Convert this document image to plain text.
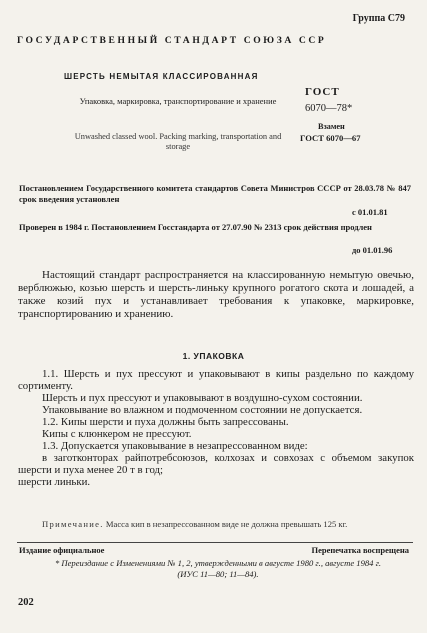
Группа С79
ГОСУДАРСТВЕННЫЙ СТАНДАРТ СОЮЗА ССР
ШЕРСТЬ НЕМЫТАЯ КЛАССИРОВАННАЯ
Упаковка, маркировка, транспортирование и хранение
Unwashed classed wool. Packing marking, transportation and storage
ГОСТ
6070—78*
Взамен
ГОСТ 6070—67
Постановлением Государственного комитета стандартов Совета Министров СССР от 28.03.78 № 847 срок введения установлен
с 01.01.81
Проверен в 1984 г. Постановлением Госстандарта от 27.07.90 № 2313 срок действия продлен
до 01.01.96
Настоящий стандарт распространяется на классированную немытую овечью, верблюжью, козью шерсть и шерсть-линьку крупного рогатого скота и лошадей, а также козий пух и устанавливает требования к упаковке, маркировке, транспортированию и хранению.
1. УПАКОВКА

1.1. Шерсть и пух прессуют и упаковывают в кипы раздельно по каждому сортименту.

Шерсть и пух прессуют и упаковывают в воздушно-сухом состоянии.

Упаковывание во влажном и подмоченном состоянии не допускается.

1.2. Кипы шерсти и пуха должны быть запрессованы.

Кипы с клюнкером не прессуют.

1.3. Допускается упаковывание в незапрессованном виде:

в заготконторах райпотребсоюзов, колхозах и совхозах с объемом закупок шерсти и пуха менее 20 т в год;

шерсти линьки.

Примечание. Масса кип в незапрессованном виде не должна превышать 125 кг.
Издание официальное	Перепечатка воспрещена
* Переиздание с Изменениями № 1, 2, утвержденными в августе 1980 г., августе 1984 г. (ИУС 11—80; 11—84).
202
